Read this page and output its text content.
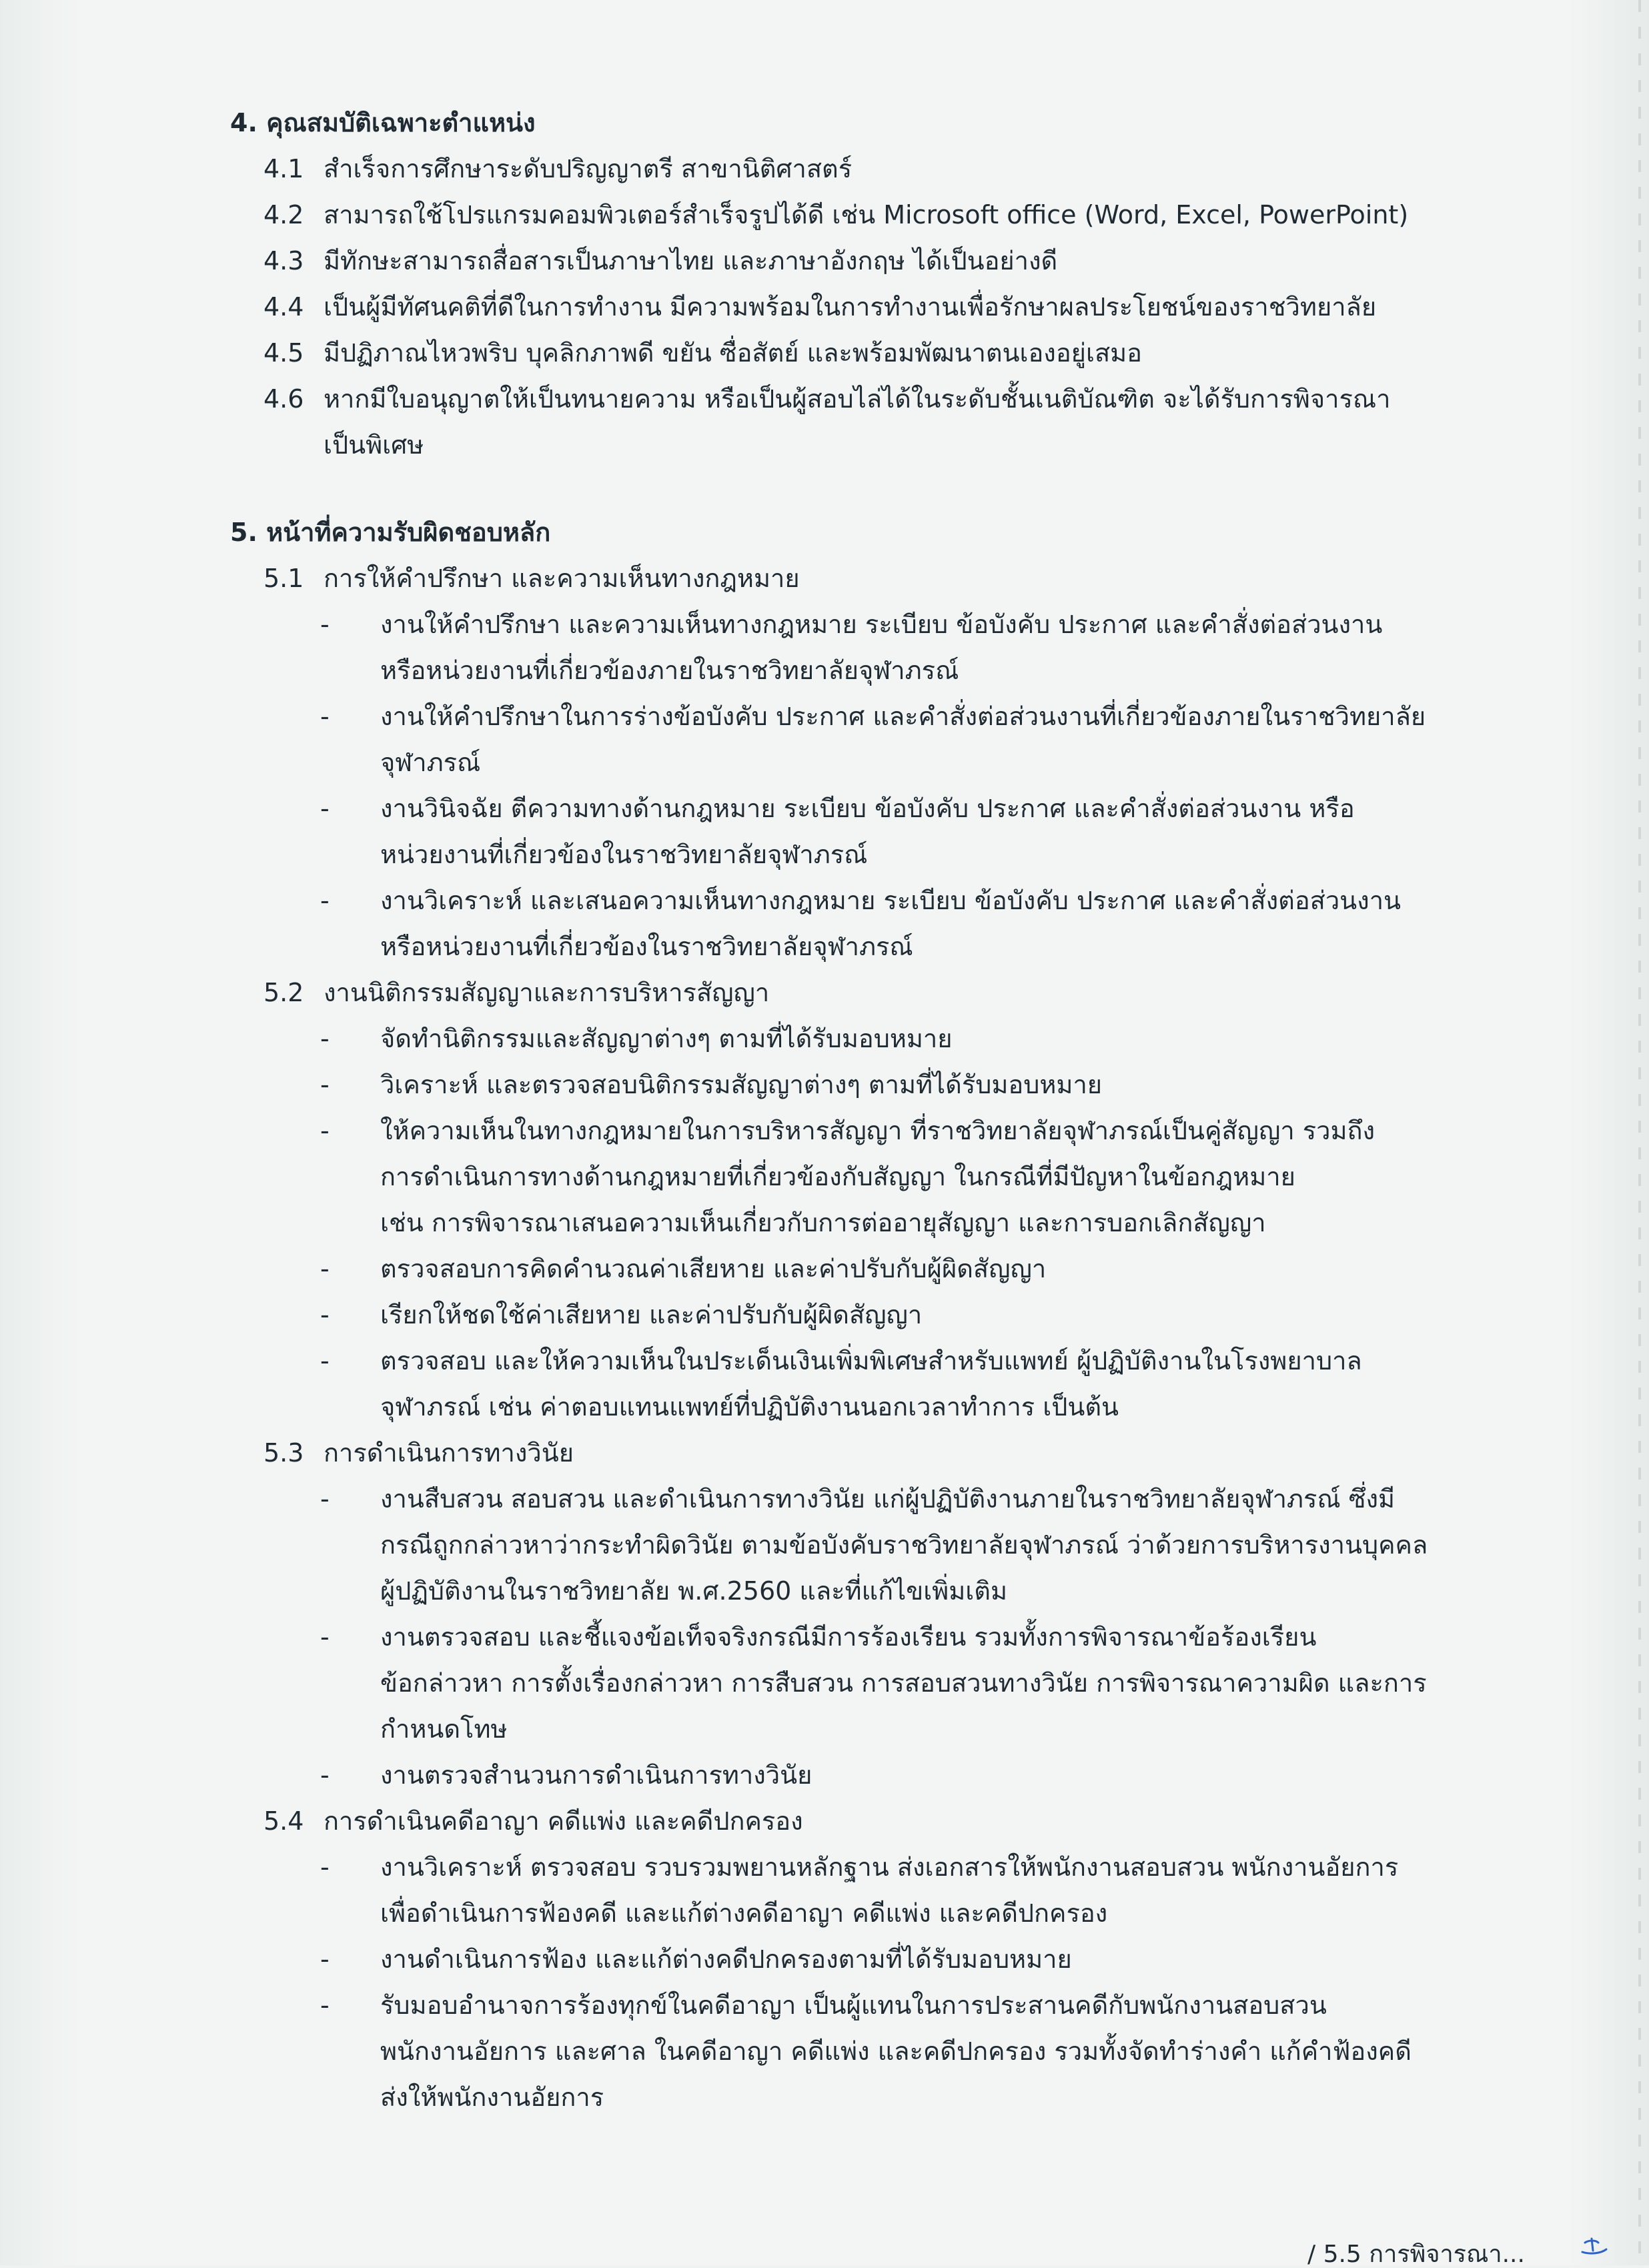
4. คุณสมบัติเฉพาะตำแหน่ง
4.1 สำเร็จการศึกษาระดับปริญญาตรี สาขานิติศาสตร์
4.2 สามารถใช้โปรแกรมคอมพิวเตอร์สำเร็จรูปได้ดี เช่น Microsoft office (Word, Excel, PowerPoint)
4.3 มีทักษะสามารถสื่อสารเป็นภาษาไทย และภาษาอังกฤษ ได้เป็นอย่างดี
4.4 เป็นผู้มีทัศนคติที่ดีในการทำงาน มีความพร้อมในการทำงานเพื่อรักษาผลประโยชน์ของราชวิทยาลัย
4.5 มีปฏิภาณไหวพริบ บุคลิกภาพดี ขยัน ซื่อสัตย์ และพร้อมพัฒนาตนเองอยู่เสมอ
4.6 หากมีใบอนุญาตให้เป็นทนายความ หรือเป็นผู้สอบไล่ได้ในระดับชั้นเนติบัณฑิต จะได้รับการพิจารณา
เป็นพิเศษ
5. หน้าที่ความรับผิดชอบหลัก
5.1 การให้คำปรึกษา และความเห็นทางกฎหมาย
-	งานให้คำปรึกษา และความเห็นทางกฎหมาย ระเบียบ ข้อบังคับ ประกาศ และคำสั่งต่อส่วนงาน
หรือหน่วยงานที่เกี่ยวข้องภายในราชวิทยาลัยจุฬาภรณ์
-	งานให้คำปรึกษาในการร่างข้อบังคับ ประกาศ และคำสั่งต่อส่วนงานที่เกี่ยวข้องภายในราชวิทยาลัย
จุฬาภรณ์
-	งานวินิจฉัย ตีความทางด้านกฎหมาย ระเบียบ ข้อบังคับ ประกาศ และคำสั่งต่อส่วนงาน หรือ
หน่วยงานที่เกี่ยวข้องในราชวิทยาลัยจุฬาภรณ์
-	งานวิเคราะห์ และเสนอความเห็นทางกฎหมาย ระเบียบ ข้อบังคับ ประกาศ และคำสั่งต่อส่วนงาน
หรือหน่วยงานที่เกี่ยวข้องในราชวิทยาลัยจุฬาภรณ์
5.2 งานนิติกรรมสัญญาและการบริหารสัญญา
-	จัดทำนิติกรรมและสัญญาต่างๆ ตามที่ได้รับมอบหมาย
-	วิเคราะห์ และตรวจสอบนิติกรรมสัญญาต่างๆ ตามที่ได้รับมอบหมาย
-	ให้ความเห็นในทางกฎหมายในการบริหารสัญญา ที่ราชวิทยาลัยจุฬาภรณ์เป็นคู่สัญญา รวมถึง
การดำเนินการทางด้านกฎหมายที่เกี่ยวข้องกับสัญญา ในกรณีที่มีปัญหาในข้อกฎหมาย
เช่น การพิจารณาเสนอความเห็นเกี่ยวกับการต่ออายุสัญญา และการบอกเลิกสัญญา
-	ตรวจสอบการคิดคำนวณค่าเสียหาย และค่าปรับกับผู้ผิดสัญญา
-	เรียกให้ชดใช้ค่าเสียหาย และค่าปรับกับผู้ผิดสัญญา
-	ตรวจสอบ และให้ความเห็นในประเด็นเงินเพิ่มพิเศษสำหรับแพทย์ ผู้ปฏิบัติงานในโรงพยาบาล
จุฬาภรณ์ เช่น ค่าตอบแทนแพทย์ที่ปฏิบัติงานนอกเวลาทำการ เป็นต้น
5.3 การดำเนินการทางวินัย
-	งานสืบสวน สอบสวน และดำเนินการทางวินัย แก่ผู้ปฏิบัติงานภายในราชวิทยาลัยจุฬาภรณ์ ซึ่งมี
กรณีถูกกล่าวหาว่ากระทำผิดวินัย ตามข้อบังคับราชวิทยาลัยจุฬาภรณ์ ว่าด้วยการบริหารงานบุคคล
ผู้ปฏิบัติงานในราชวิทยาลัย พ.ศ.2560 และที่แก้ไขเพิ่มเติม
-	งานตรวจสอบ และชี้แจงข้อเท็จจริงกรณีมีการร้องเรียน รวมทั้งการพิจารณาข้อร้องเรียน
ข้อกล่าวหา การตั้งเรื่องกล่าวหา การสืบสวน การสอบสวนทางวินัย การพิจารณาความผิด และการ
กำหนดโทษ
-	งานตรวจสำนวนการดำเนินการทางวินัย
5.4 การดำเนินคดีอาญา คดีแพ่ง และคดีปกครอง
-	งานวิเคราะห์ ตรวจสอบ รวบรวมพยานหลักฐาน ส่งเอกสารให้พนักงานสอบสวน พนักงานอัยการ
เพื่อดำเนินการฟ้องคดี และแก้ต่างคดีอาญา คดีแพ่ง และคดีปกครอง
-	งานดำเนินการฟ้อง และแก้ต่างคดีปกครองตามที่ได้รับมอบหมาย
-	รับมอบอำนาจการร้องทุกข์ในคดีอาญา เป็นผู้แทนในการประสานคดีกับพนักงานสอบสวน
พนักงานอัยการ และศาล ในคดีอาญา คดีแพ่ง และคดีปกครอง รวมทั้งจัดทำร่างคำ แก้คำฟ้องคดี
ส่งให้พนักงานอัยการ
/ 5.5 การพิจารณา...
